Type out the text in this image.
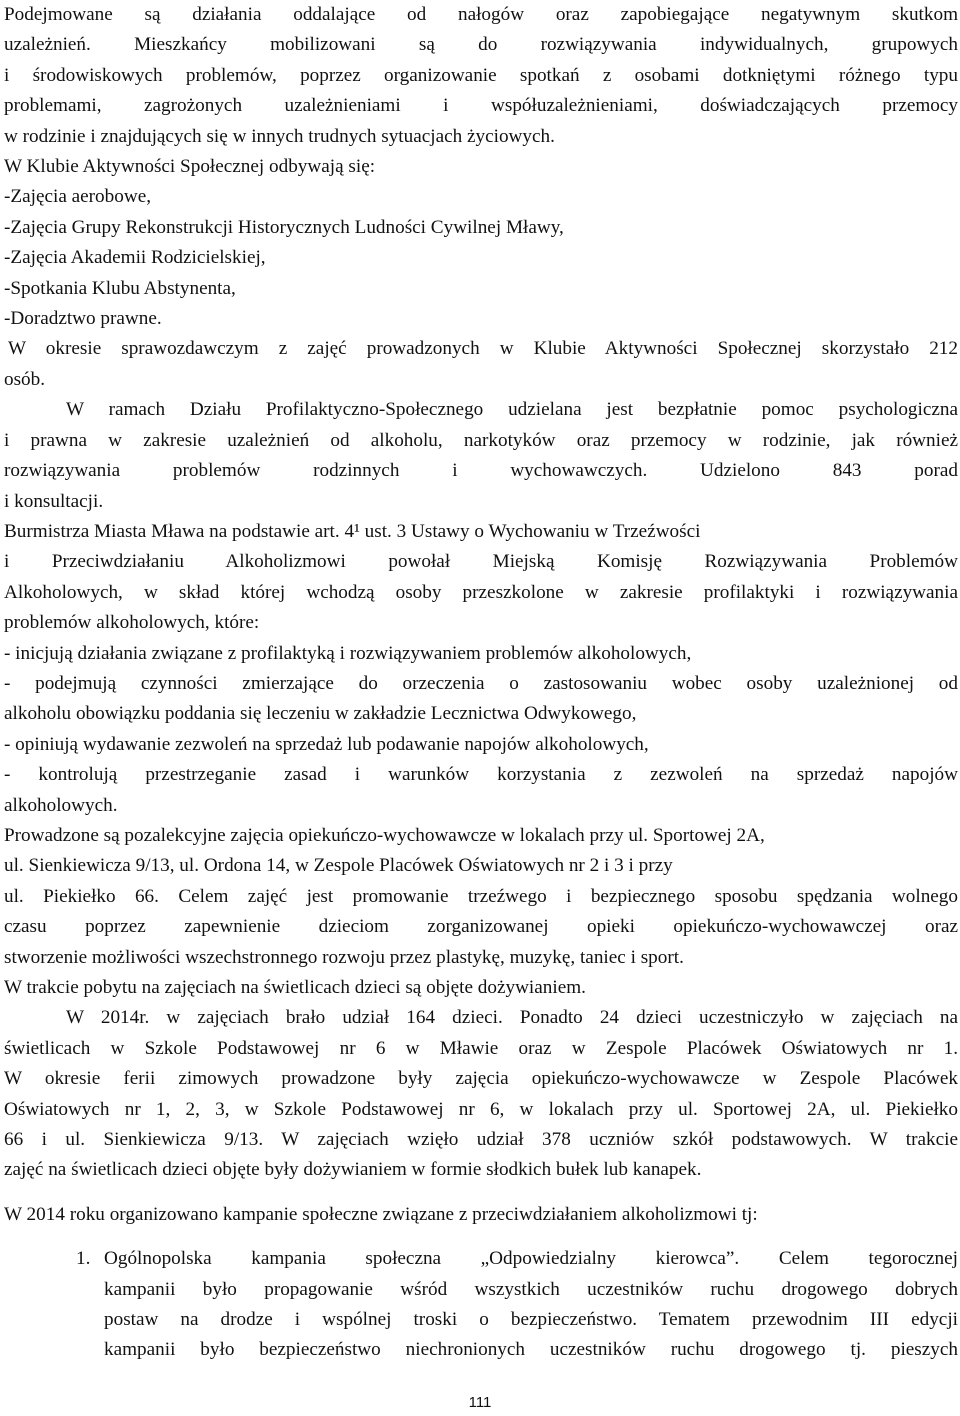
Podejmowane są działania oddalające od nałogów oraz zapobiegające negatywnym skutkom
uzależnień. Mieszkańcy mobilizowani są do rozwiązywania indywidualnych, grupowych
i środowiskowych problemów, poprzez organizowanie spotkań z osobami dotkniętymi różnego typu
problemami, zagrożonych uzależnieniami i współuzależnieniami, doświadczających przemocy
w rodzinie i znajdujących się w innych trudnych sytuacjach życiowych.
W Klubie Aktywności Społecznej odbywają się:
-Zajęcia aerobowe,
-Zajęcia Grupy Rekonstrukcji Historycznych Ludności Cywilnej Mławy,
-Zajęcia Akademii Rodzicielskiej,
-Spotkania Klubu Abstynenta,
-Doradztwo prawne.
W okresie sprawozdawczym z zajęć prowadzonych w Klubie Aktywności Społecznej skorzystało 212
osób.
W ramach Działu Profilaktyczno-Społecznego udzielana jest bezpłatnie pomoc psychologiczna
i prawna w zakresie uzależnień od alkoholu, narkotyków oraz przemocy w rodzinie, jak również
rozwiązywania problemów rodzinnych i wychowawczych. Udzielono 843 porad
i konsultacji.
Burmistrza Miasta Mława na podstawie art. 4¹ ust. 3 Ustawy o Wychowaniu w Trzeźwości
i Przeciwdziałaniu Alkoholizmowi powołał Miejską Komisję Rozwiązywania Problemów
Alkoholowych, w skład której wchodzą osoby przeszkolone w zakresie profilaktyki i rozwiązywania
problemów alkoholowych, które:
- inicjują działania związane z profilaktyką i rozwiązywaniem problemów alkoholowych,
- podejmują czynności zmierzające do orzeczenia o zastosowaniu wobec osoby uzależnionej od
alkoholu obowiązku poddania się leczeniu w zakładzie Lecznictwa Odwykowego,
- opiniują wydawanie zezwoleń na sprzedaż lub podawanie napojów alkoholowych,
- kontrolują przestrzeganie zasad i warunków korzystania z zezwoleń na sprzedaż napojów
alkoholowych.
Prowadzone są pozalekcyjne zajęcia opiekuńczo-wychowawcze w lokalach przy ul. Sportowej 2A,
ul. Sienkiewicza 9/13, ul. Ordona 14, w Zespole Placówek Oświatowych nr 2 i 3 i przy
ul. Piekiełko 66. Celem zajęć jest promowanie trzeźwego i bezpiecznego sposobu spędzania wolnego
czasu poprzez zapewnienie dzieciom zorganizowanej opieki opiekuńczo-wychowawczej oraz
stworzenie możliwości wszechstronnego rozwoju przez plastykę, muzykę, taniec i sport.
W trakcie pobytu na zajęciach na świetlicach dzieci są objęte dożywianiem.
W 2014r. w zajęciach brało udział 164 dzieci. Ponadto 24 dzieci uczestniczyło w zajęciach na
świetlicach w Szkole Podstawowej nr 6 w Mławie oraz w Zespole Placówek Oświatowych nr 1.
W okresie ferii zimowych prowadzone były zajęcia opiekuńczo-wychowawcze w Zespole Placówek
Oświatowych nr 1, 2, 3, w Szkole Podstawowej nr 6, w lokalach przy ul. Sportowej 2A, ul. Piekiełko
66 i ul. Sienkiewicza 9/13. W zajęciach wzięło udział 378 uczniów szkół podstawowych. W trakcie
zajęć na świetlicach dzieci objęte były dożywianiem w formie słodkich bułek lub kanapek.
W 2014 roku organizowano kampanie społeczne związane z przeciwdziałaniem alkoholizmowi tj:
1. Ogólnopolska kampania społeczna „Odpowiedzialny kierowca”. Celem tegorocznej
kampanii było propagowanie wśród wszystkich uczestników ruchu drogowego dobrych
postaw na drodze i wspólnej troski o bezpieczeństwo. Tematem przewodnim III edycji
kampanii było bezpieczeństwo niechronionych uczestników ruchu drogowego tj. pieszych
111
